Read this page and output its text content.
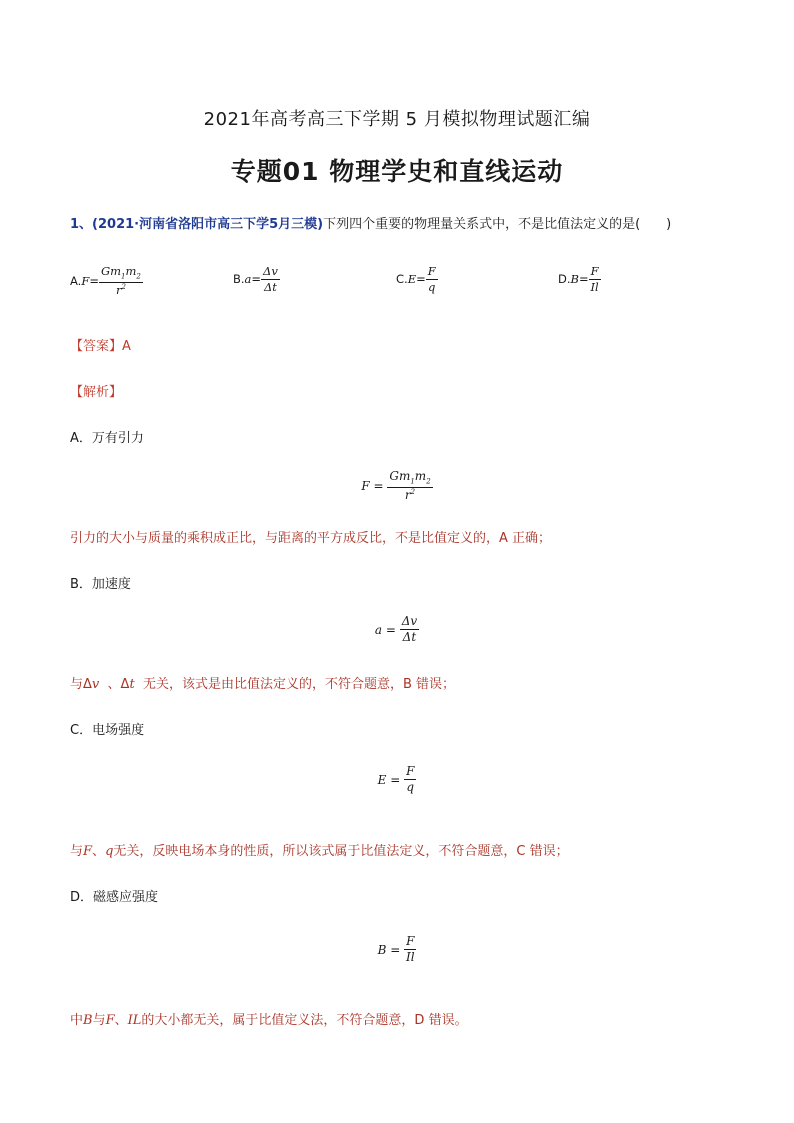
2021年高考高三下学期 5 月模拟物理试题汇编
专题01 物理学史和直线运动
1、(2021·河南省洛阳市高三下学5月三模)下列四个重要的物理量关系式中，不是比值法定义的是(　　)
A. $F = \frac{Gm_1m_2}{r^2}$	B. $a = \frac{\Delta v}{\Delta t}$	C. $E = \frac{F}{q}$	D. $B = \frac{F}{Il}$
【答案】A
【解析】
A．万有引力
$F = \frac{Gm_1m_2}{r^2}$
引力的大小与质量的乘积成正比，与距离的平方成反比，不是比值定义的，A 正确；
B．加速度
$a = \frac{\Delta v}{\Delta t}$
与Δv 、Δt 无关，该式是由比值法定义的，不符合题意，B 错误；
C．电场强度
$E = \frac{F}{q}$
与F、q无关，反映电场本身的性质，所以该式属于比值法定义，不符合题意，C 错误；
D．磁感应强度
$B = \frac{F}{Il}$
中B与F、IL的大小都无关，属于比值定义法，不符合题意，D 错误。
